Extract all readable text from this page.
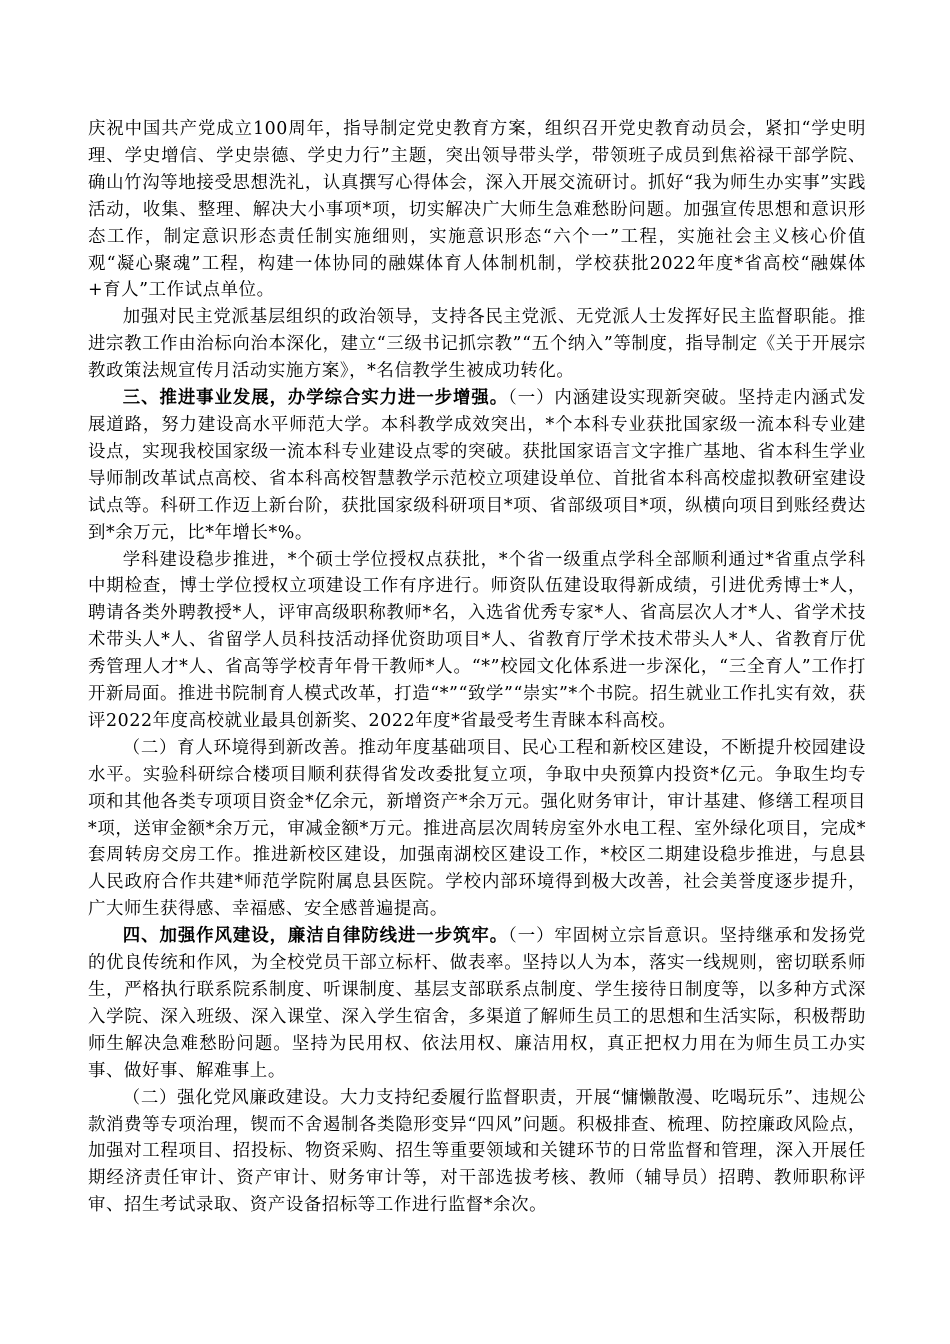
庆祝中国共产党成立100周年，指导制定党史教育方案，组织召开党史教育动员会，紧扣“学史明理、学史增信、学史崇德、学史力行”主题，突出领导带头学，带领班子成员到焦裕禄干部学院、确山竹沟等地接受思想洗礼，认真撰写心得体会，深入开展交流研讨。抓好“我为师生办实事”实践活动，收集、整理、解决大小事项*项，切实解决广大师生急难愁盼问题。加强宣传思想和意识形态工作，制定意识形态责任制实施细则，实施意识形态“六个一”工程，实施社会主义核心价值观“凝心聚魂”工程，构建一体协同的融媒体育人体制机制，学校获批2022年度*省高校“融媒体+育人”工作试点单位。

加强对民主党派基层组织的政治领导，支持各民主党派、无党派人士发挥好民主监督职能。推进宗教工作由治标向治本深化，建立“三级书记抓宗教”“五个纳入”等制度，指导制定《关于开展宗教政策法规宣传月活动实施方案》，*名信教学生被成功转化。

三、推进事业发展，办学综合实力进一步增强。（一）内涵建设实现新突破。坚持走内涵式发展道路，努力建设高水平师范大学。本科教学成效突出，*个本科专业获批国家级一流本科专业建设点，实现我校国家级一流本科专业建设点零的突破。获批国家语言文字推广基地、省本科生学业导师制改革试点高校、省本科高校智慧教学示范校立项建设单位、首批省本科高校虚拟教研室建设试点等。科研工作迈上新台阶，获批国家级科研项目*项、省部级项目*项，纵横向项目到账经费达到*余万元，比*年增长*%。

学科建设稳步推进，*个硕士学位授权点获批，*个省一级重点学科全部顺利通过*省重点学科中期检查，博士学位授权立项建设工作有序进行。师资队伍建设取得新成绩，引进优秀博士*人，聘请各类外聘教授*人，评审高级职称教师*名，入选省优秀专家*人、省高层次人才*人、省学术技术带头人*人、省留学人员科技活动择优资助项目*人、省教育厅学术技术带头人*人、省教育厅优秀管理人才*人、省高等学校青年骨干教师*人。“*”校园文化体系进一步深化，“三全育人”工作打开新局面。推进书院制育人模式改革，打造“*”“致学”“崇实”*个书院。招生就业工作扎实有效，获评2022年度高校就业最具创新奖、2022年度*省最受考生青睐本科高校。

（二）育人环境得到新改善。推动年度基础项目、民心工程和新校区建设，不断提升校园建设水平。实验科研综合楼项目顺利获得省发改委批复立项，争取中央预算内投资*亿元。争取生均专项和其他各类专项项目资金*亿余元，新增资产*余万元。强化财务审计，审计基建、修缮工程项目*项，送审金额*余万元，审减金额*万元。推进高层次周转房室外水电工程、室外绿化项目，完成*套周转房交房工作。推进新校区建设，加强南湖校区建设工作，*校区二期建设稳步推进，与息县人民政府合作共建*师范学院附属息县医院。学校内部环境得到极大改善，社会美誉度逐步提升，广大师生获得感、幸福感、安全感普遍提高。

四、加强作风建设，廉洁自律防线进一步筑牢。（一）牢固树立宗旨意识。坚持继承和发扬党的优良传统和作风，为全校党员干部立标杆、做表率。坚持以人为本，落实一线规则，密切联系师生，严格执行联系院系制度、听课制度、基层支部联系点制度、学生接待日制度等，以多种方式深入学院、深入班级、深入课堂、深入学生宿舍，多渠道了解师生员工的思想和生活实际，积极帮助师生解决急难愁盼问题。坚持为民用权、依法用权、廉洁用权，真正把权力用在为师生员工办实事、做好事、解难事上。

（二）强化党风廉政建设。大力支持纪委履行监督职责，开展“慵懒散漫、吃喝玩乐”、违规公款消费等专项治理，锲而不舍遏制各类隐形变异“四风”问题。积极排查、梳理、防控廉政风险点，加强对工程项目、招投标、物资采购、招生等重要领域和关键环节的日常监督和管理，深入开展任期经济责任审计、资产审计、财务审计等，对干部选拔考核、教师（辅导员）招聘、教师职称评审、招生考试录取、资产设备招标等工作进行监督*余次。
